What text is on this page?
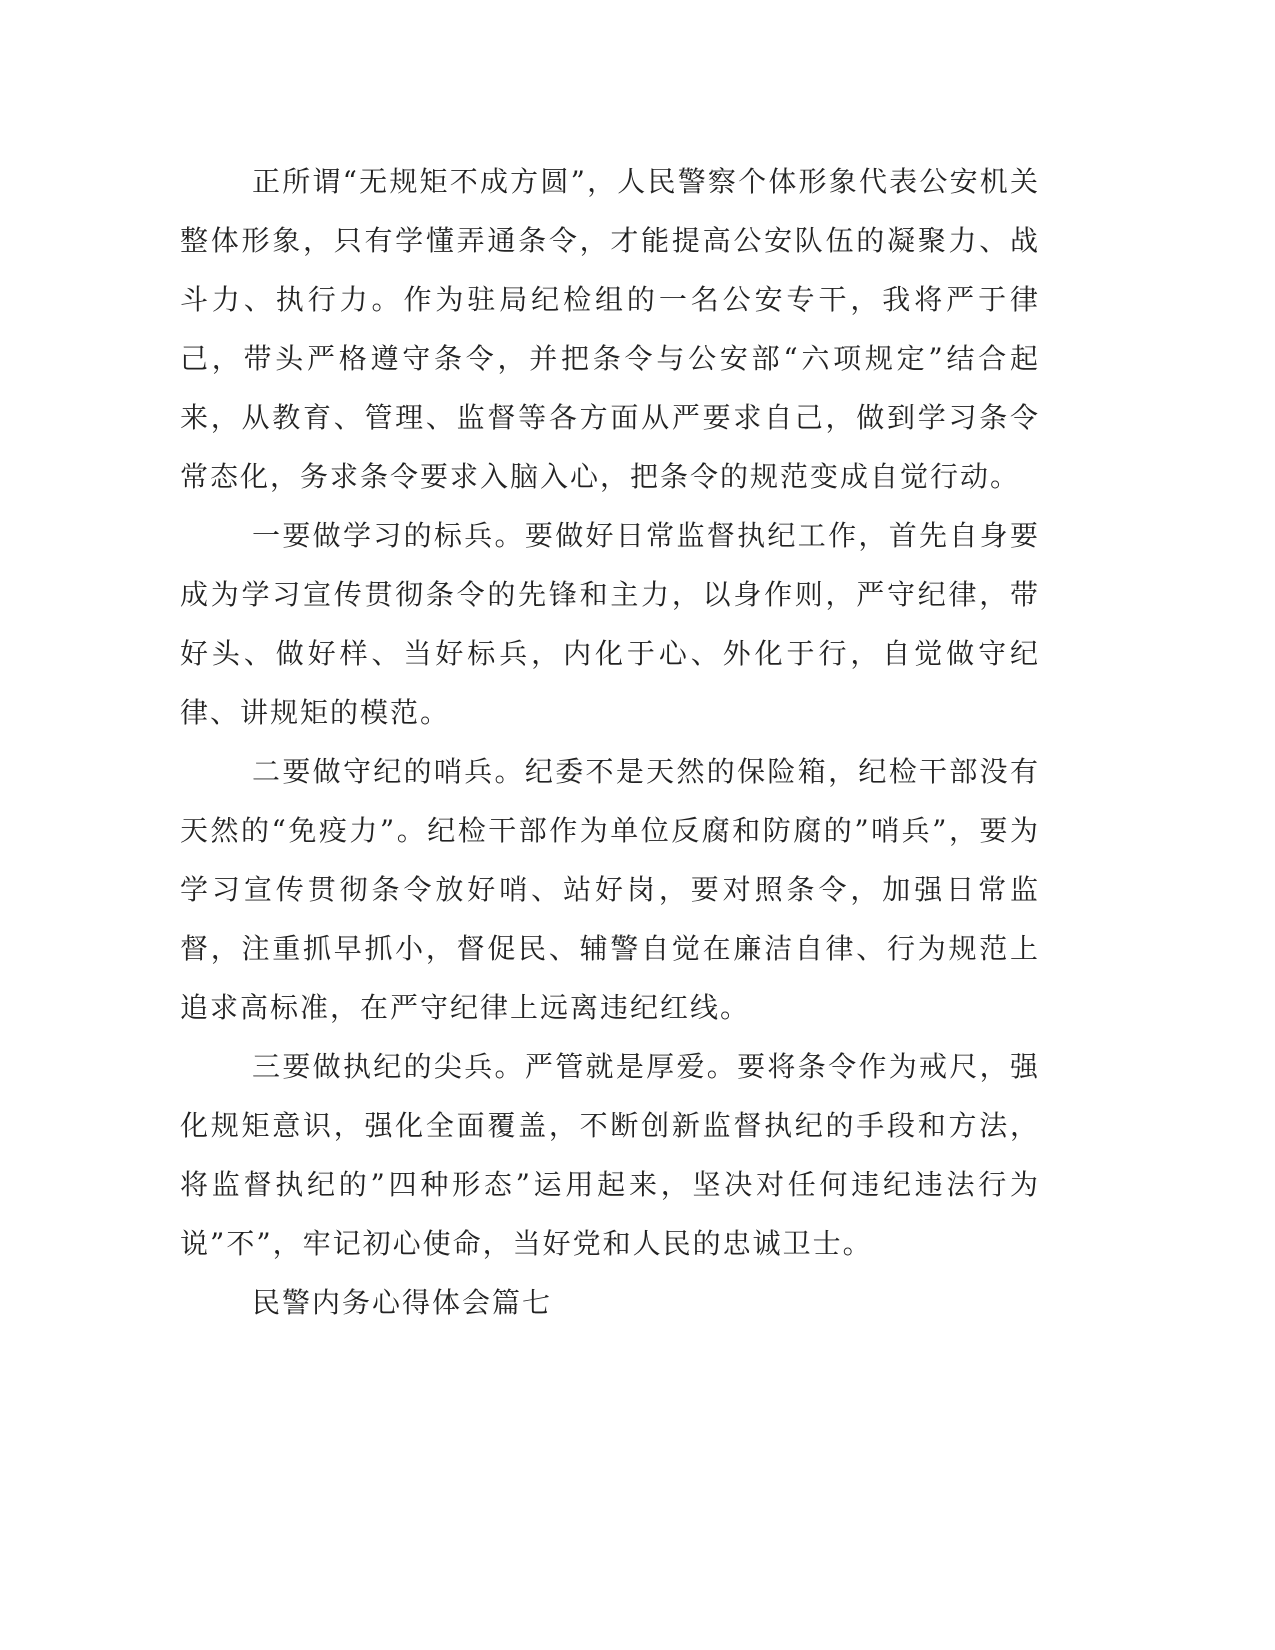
正所谓“无规矩不成方圆”，人民警察个体形象代表公安机关整体形象，只有学懂弄通条令，才能提高公安队伍的凝聚力、战斗力、执行力。作为驻局纪检组的一名公安专干，我将严于律己，带头严格遵守条令，并把条令与公安部“六项规定”结合起来，从教育、管理、监督等各方面从严要求自己，做到学习条令常态化，务求条令要求入脑入心，把条令的规范变成自觉行动。

一要做学习的标兵。要做好日常监督执纪工作，首先自身要成为学习宣传贯彻条令的先锋和主力，以身作则，严守纪律，带好头、做好样、当好标兵，内化于心、外化于行，自觉做守纪律、讲规矩的模范。

二要做守纪的哨兵。纪委不是天然的保险箱，纪检干部没有天然的“免疫力”。纪检干部作为单位反腐和防腐的”哨兵”，要为学习宣传贯彻条令放好哨、站好岗，要对照条令，加强日常监督，注重抓早抓小，督促民、辅警自觉在廉洁自律、行为规范上追求高标准，在严守纪律上远离违纪红线。

三要做执纪的尖兵。严管就是厚爱。要将条令作为戒尺，强化规矩意识，强化全面覆盖，不断创新监督执纪的手段和方法，将监督执纪的”四种形态”运用起来，坚决对任何违纪违法行为说”不”，牢记初心使命，当好党和人民的忠诚卫士。

民警内务心得体会篇七
